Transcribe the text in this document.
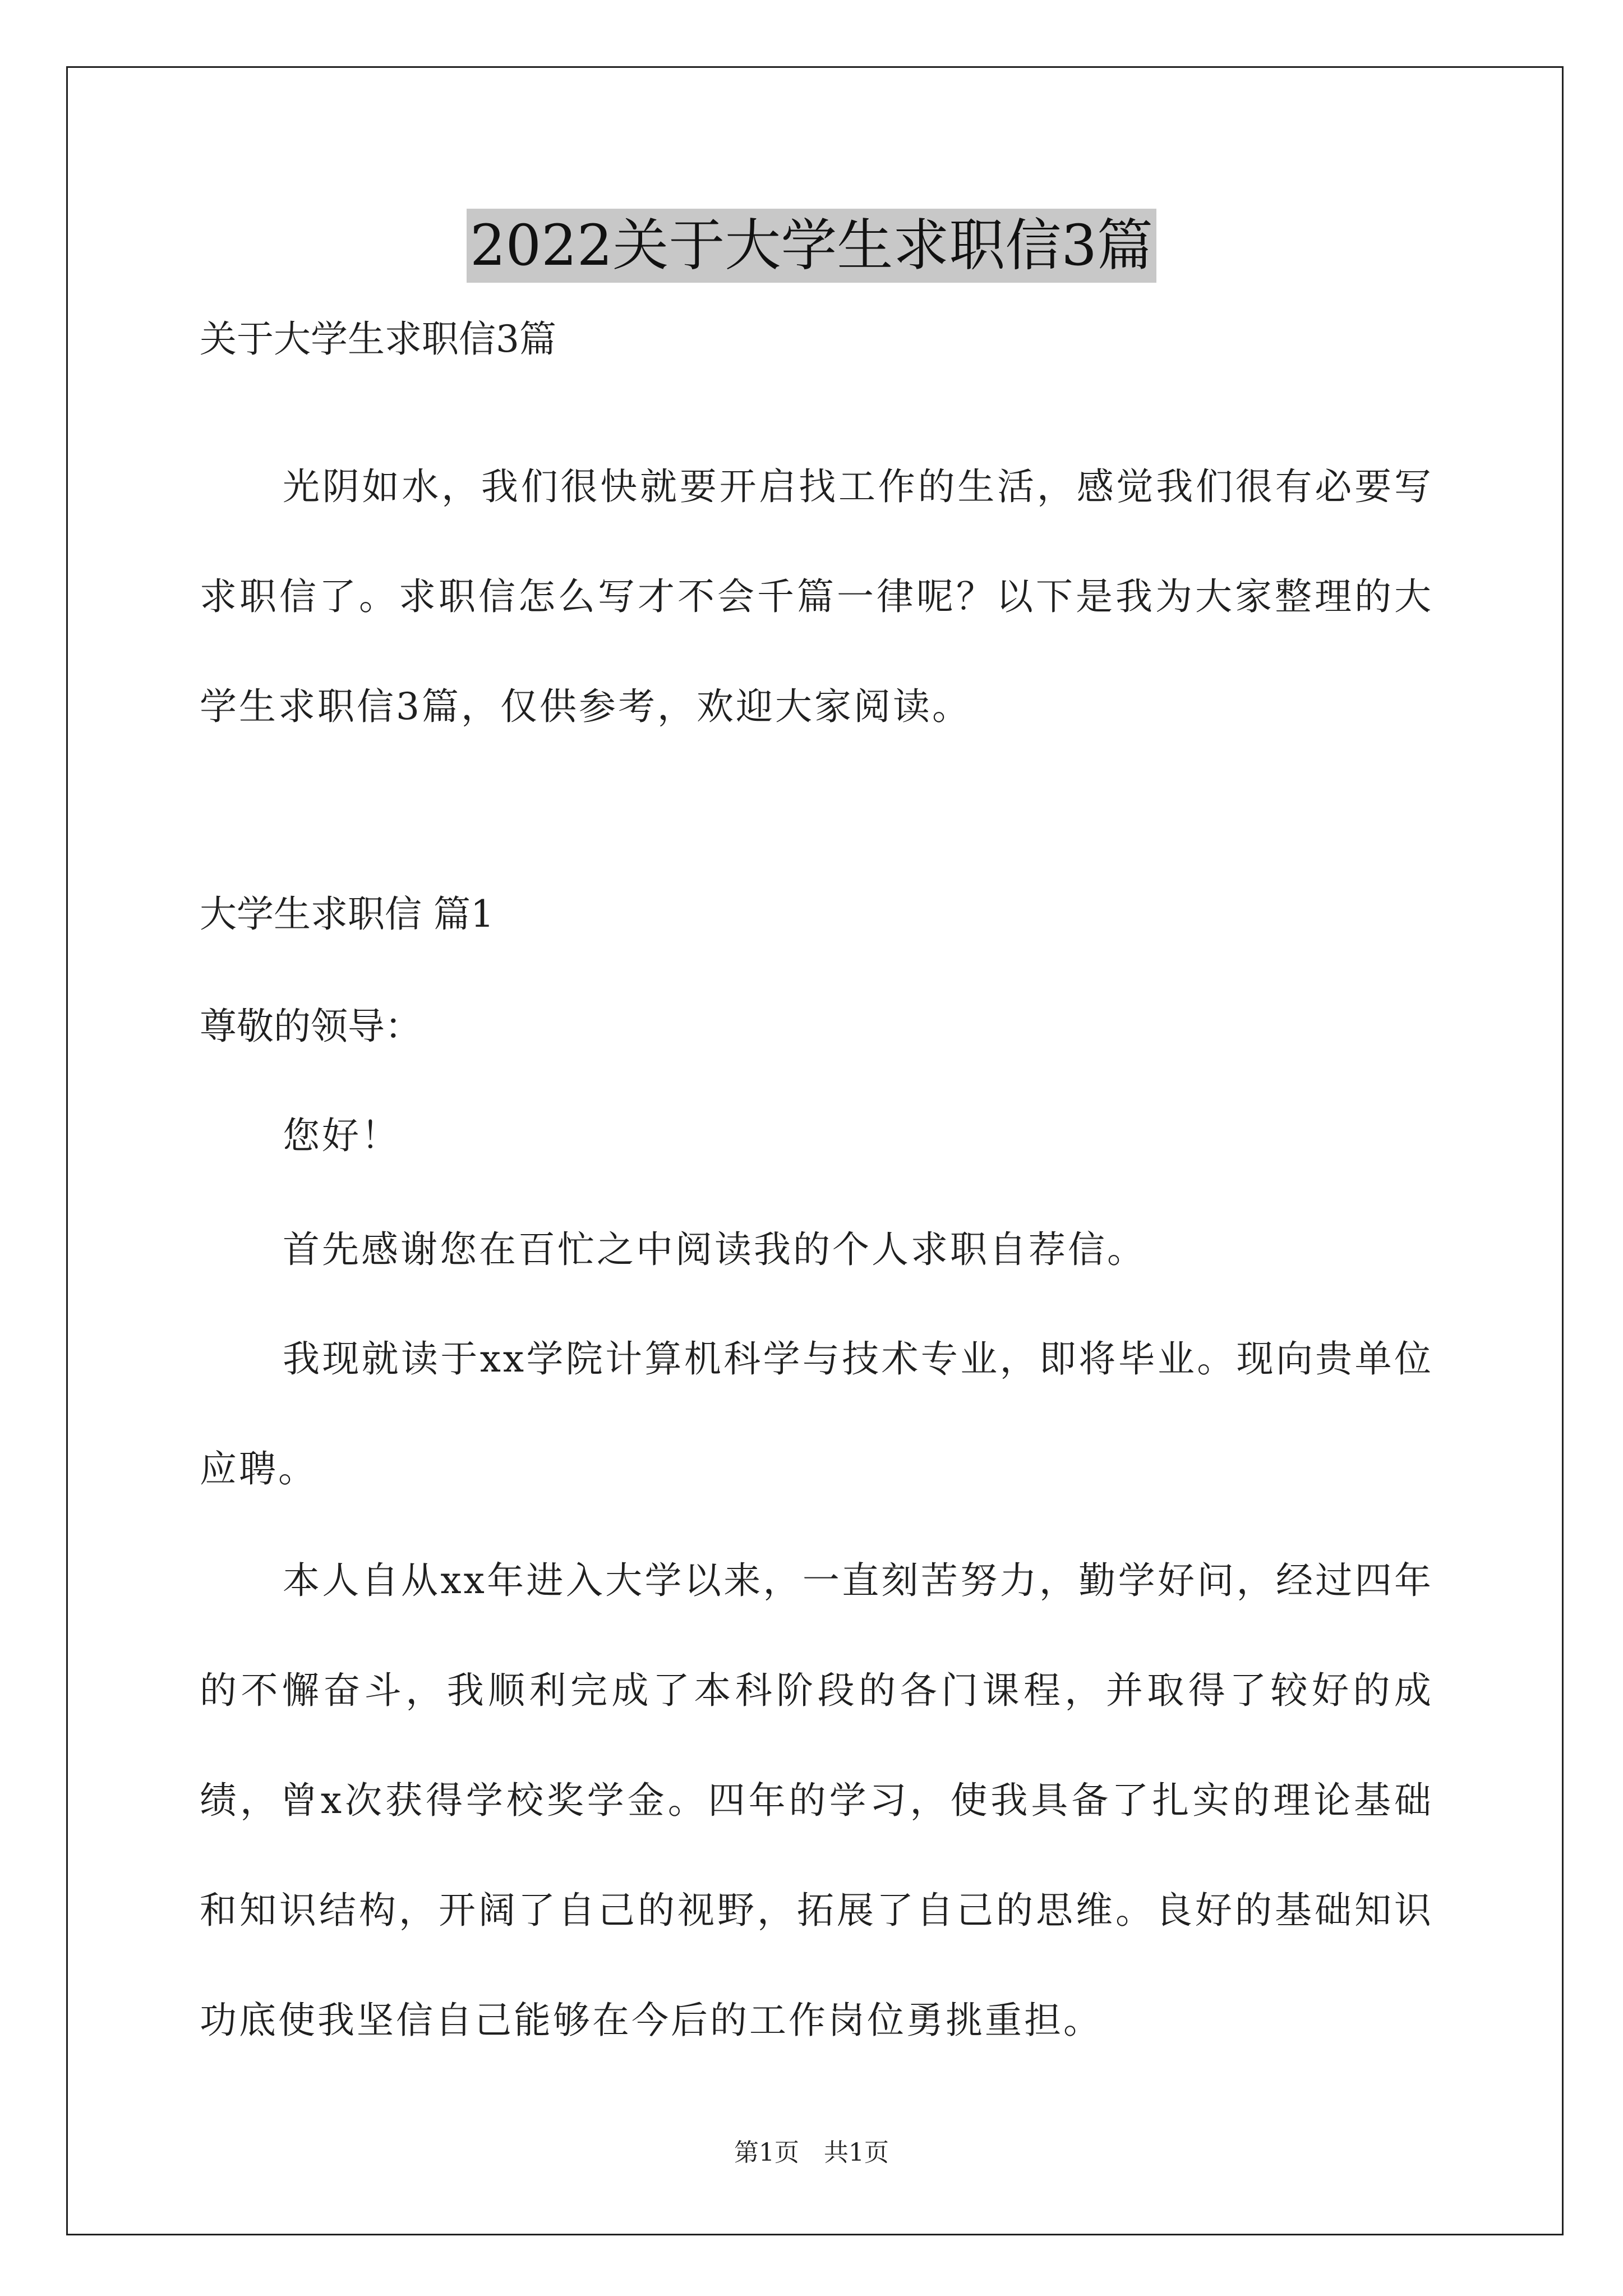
2022关于大学生求职信3篇
关于大学生求职信3篇
光阴如水，我们很快就要开启找工作的生活，感觉我们很有必要写求职信了。求职信怎么写才不会千篇一律呢？以下是我为大家整理的大学生求职信3篇，仅供参考，欢迎大家阅读。
大学生求职信 篇1
尊敬的领导：
您好！
首先感谢您在百忙之中阅读我的个人求职自荐信。
我现就读于xx学院计算机科学与技术专业，即将毕业。现向贵单位应聘。
本人自从xx年进入大学以来，一直刻苦努力，勤学好问，经过四年的不懈奋斗，我顺利完成了本科阶段的各门课程，并取得了较好的成绩，曾x次获得学校奖学金。四年的学习，使我具备了扎实的理论基础和知识结构，开阔了自己的视野，拓展了自己的思维。良好的基础知识功底使我坚信自己能够在今后的工作岗位勇挑重担。
第1页 共1页
